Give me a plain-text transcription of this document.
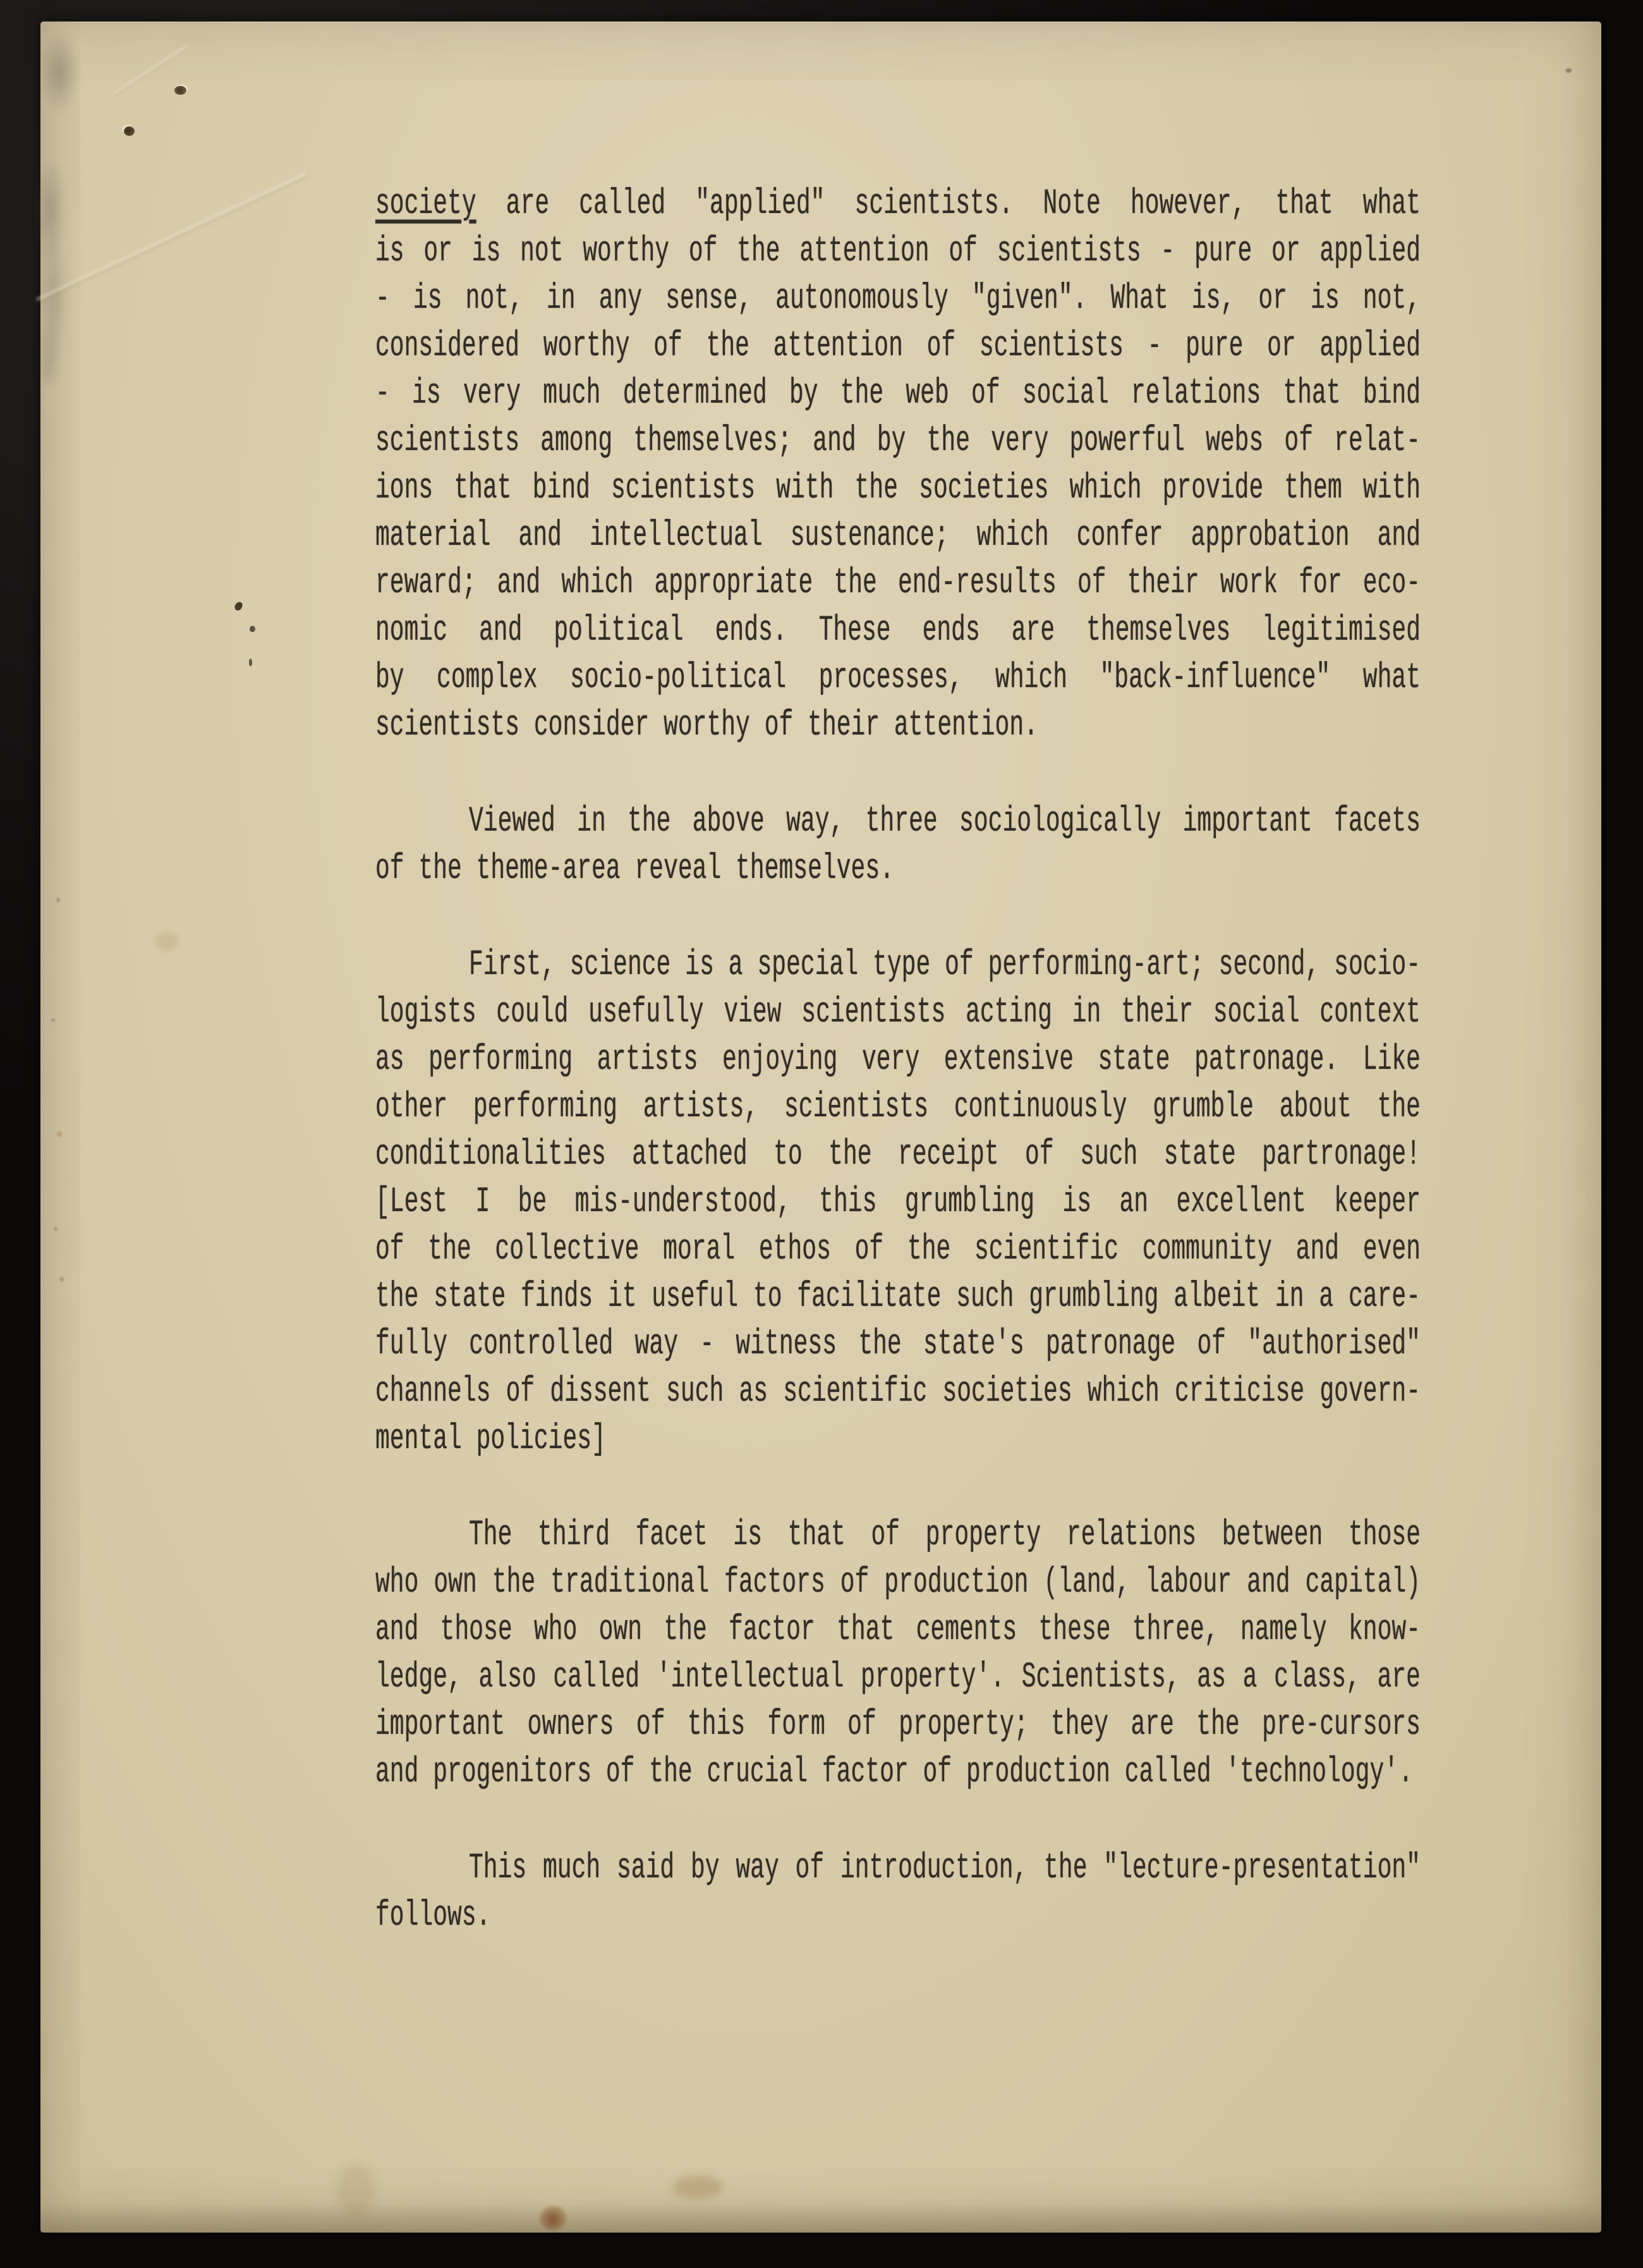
society are called "applied" scientists. Note however, that what
is or is not worthy of the attention of scientists - pure or applied
- is not, in any sense, autonomously "given". What is, or is not,
considered worthy of the attention of scientists - pure or applied
- is very much determined by the web of social relations that bind
scientists among themselves; and by the very powerful webs of relat-
ions that bind scientists with the societies which provide them with
material and intellectual sustenance; which confer approbation and
reward; and which appropriate the end-results of their work for eco-
nomic and political ends. These ends are themselves legitimised
by complex socio-political processes, which "back-influence" what
scientists consider worthy of their attention.
Viewed in the above way, three sociologically important facets
of the theme-area reveal themselves.
First, science is a special type of performing-art; second, socio-
logists could usefully view scientists acting in their social context
as performing artists enjoying very extensive state patronage. Like
other performing artists, scientists continuously grumble about the
conditionalities attached to the receipt of such state partronage!
[Lest I be mis-understood, this grumbling is an excellent keeper
of the collective moral ethos of the scientific community and even
the state finds it useful to facilitate such grumbling albeit in a care-
fully controlled way - witness the state's patronage of "authorised"
channels of dissent such as scientific societies which criticise govern-
mental policies]
The third facet is that of property relations between those
who own the traditional factors of production (land, labour and capital)
and those who own the factor that cements these three, namely know-
ledge, also called 'intellectual property'. Scientists, as a class, are
important owners of this form of property; they are the pre-cursors
and progenitors of the crucial factor of production called 'technology'.
This much said by way of introduction, the "lecture-presentation"
follows.
